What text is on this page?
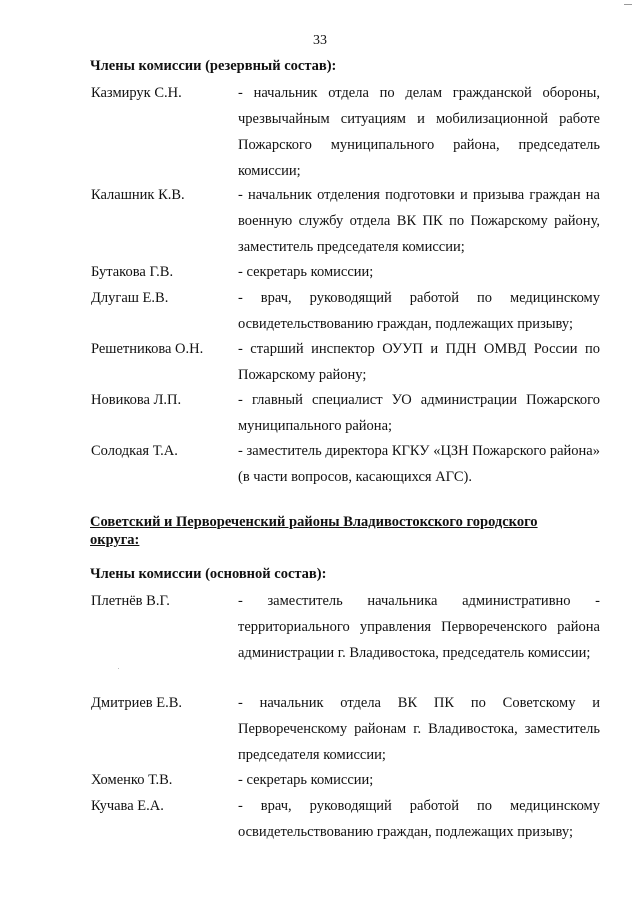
33
Члены комиссии (резервный состав):
Казмирук С.Н.	- начальник отдела по делам гражданской обороны, чрезвычайным ситуациям и мобилизационной работе Пожарского муниципального района, председатель комиссии;
Калашник К.В.	- начальник отделения подготовки и призыва граждан на военную службу отдела ВК ПК по Пожарскому району, заместитель председателя комиссии;
Бутакова Г.В.	- секретарь комиссии;
Длугаш Е.В.	- врач, руководящий работой по медицинскому освидетельствованию граждан, подлежащих призыву;
Решетникова О.Н. - старший инспектор ОУУП и ПДН ОМВД России по Пожарскому району;
Новикова Л.П.	- главный специалист УО администрации Пожарского муниципального района;
Солодкая Т.А.	- заместитель директора КГКУ «ЦЗН Пожарского района» (в части вопросов, касающихся АГС).
Советский и Первореченский районы Владивостокского городского округа:
Члены комиссии (основной состав):
Плетнёв В.Г.	- заместитель начальника административно - территориального управления Первореченского района администрации г. Владивостока, председатель комиссии;
Дмитриев Е.В.	- начальник отдела ВК ПК по Советскому и Первореченскому районам г. Владивостока, заместитель председателя комиссии;
Хоменко Т.В.	- секретарь комиссии;
Кучава Е.А.	- врач, руководящий работой по медицинскому освидетельствованию граждан, подлежащих призыву;
